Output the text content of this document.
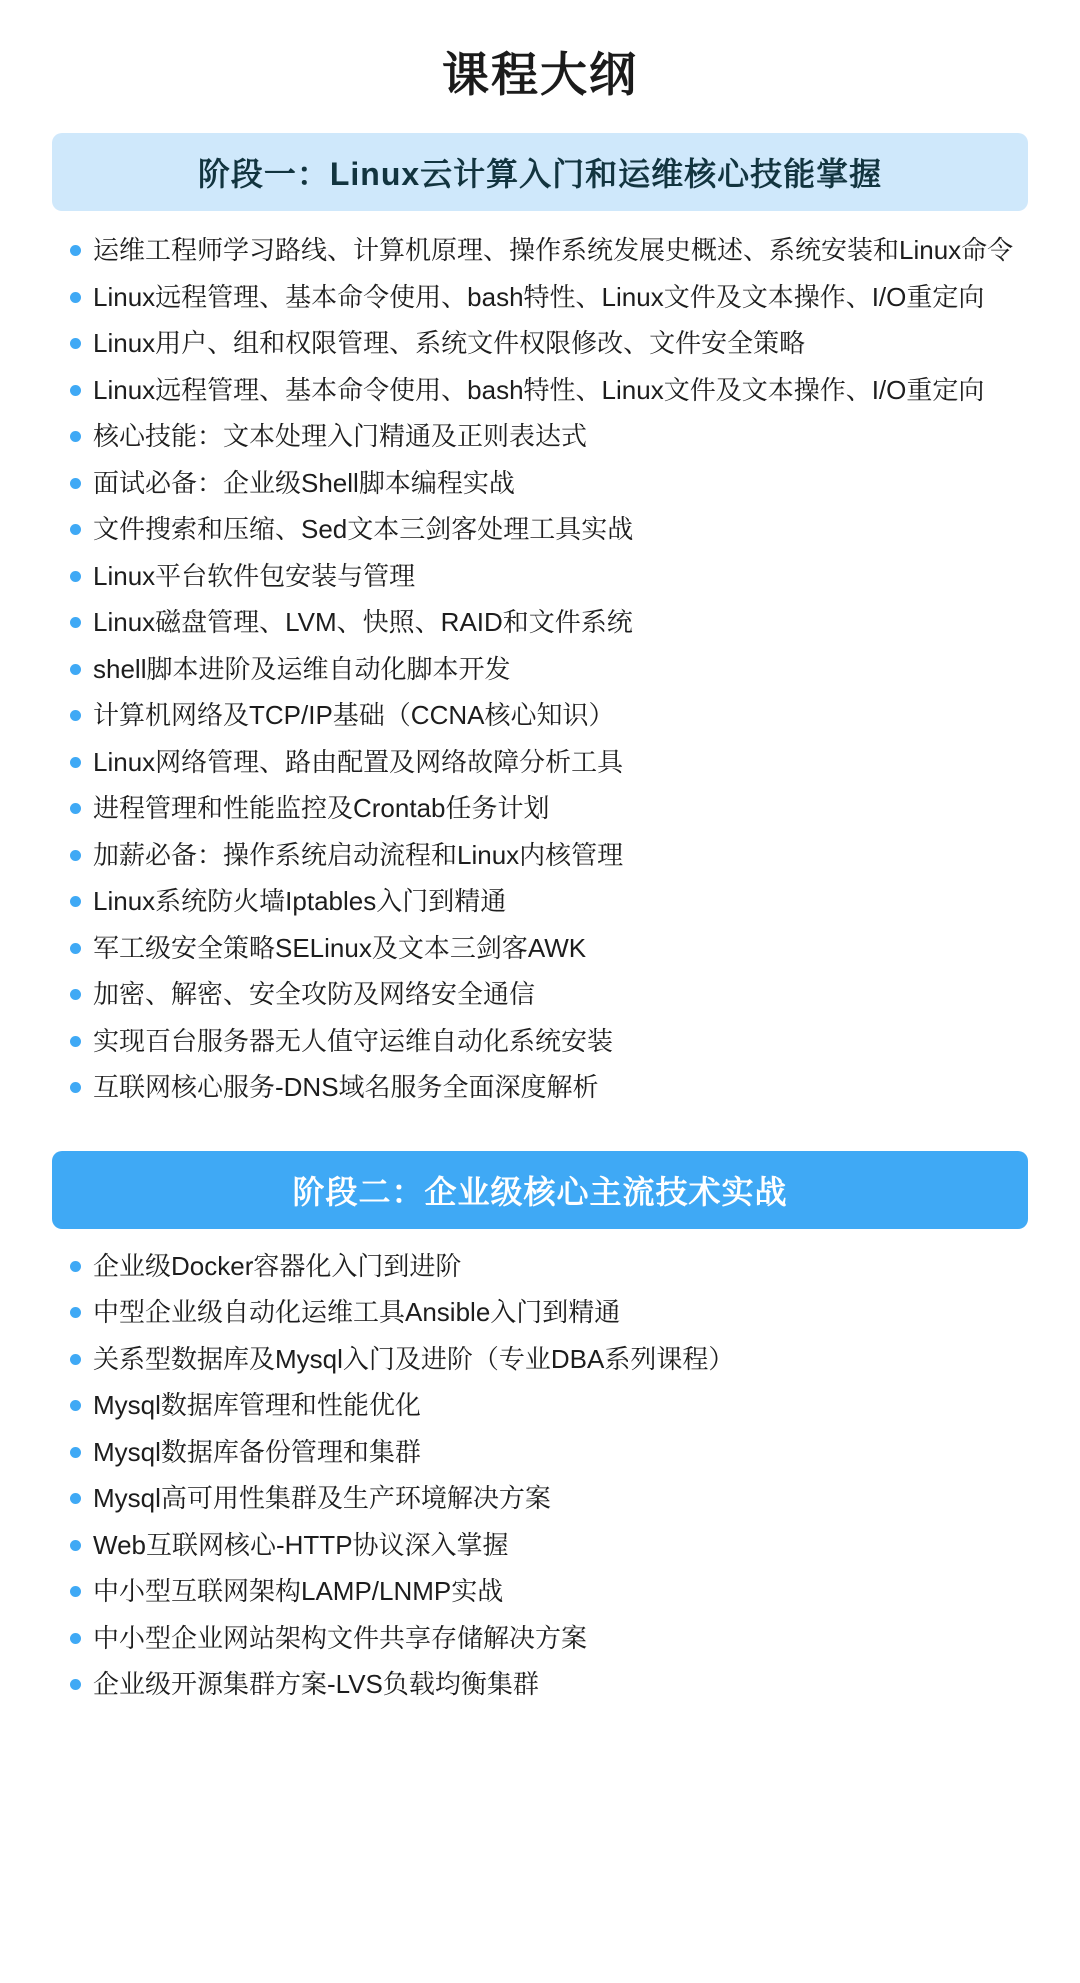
课程大纲
阶段一：Linux云计算入门和运维核心技能掌握
运维工程师学习路线、计算机原理、操作系统发展史概述、系统安装和Linux命令
Linux远程管理、基本命令使用、bash特性、Linux文件及文本操作、I/O重定向
Linux用户、组和权限管理、系统文件权限修改、文件安全策略
Linux远程管理、基本命令使用、bash特性、Linux文件及文本操作、I/O重定向
核心技能：文本处理入门精通及正则表达式
面试必备：企业级Shell脚本编程实战
文件搜索和压缩、Sed文本三剑客处理工具实战
Linux平台软件包安装与管理
Linux磁盘管理、LVM、快照、RAID和文件系统
shell脚本进阶及运维自动化脚本开发
计算机网络及TCP/IP基础（CCNA核心知识）
Linux网络管理、路由配置及网络故障分析工具
进程管理和性能监控及Crontab任务计划
加薪必备：操作系统启动流程和Linux内核管理
Linux系统防火墙Iptables入门到精通
军工级安全策略SELinux及文本三剑客AWK
加密、解密、安全攻防及网络安全通信
实现百台服务器无人值守运维自动化系统安装
互联网核心服务-DNS域名服务全面深度解析
阶段二：企业级核心主流技术实战
企业级Docker容器化入门到进阶
中型企业级自动化运维工具Ansible入门到精通
关系型数据库及Mysql入门及进阶（专业DBA系列课程）
Mysql数据库管理和性能优化
Mysql数据库备份管理和集群
Mysql高可用性集群及生产环境解决方案
Web互联网核心-HTTP协议深入掌握
中小型互联网架构LAMP/LNMP实战
中小型企业网站架构文件共享存储解决方案
企业级开源集群方案-LVS负载均衡集群
